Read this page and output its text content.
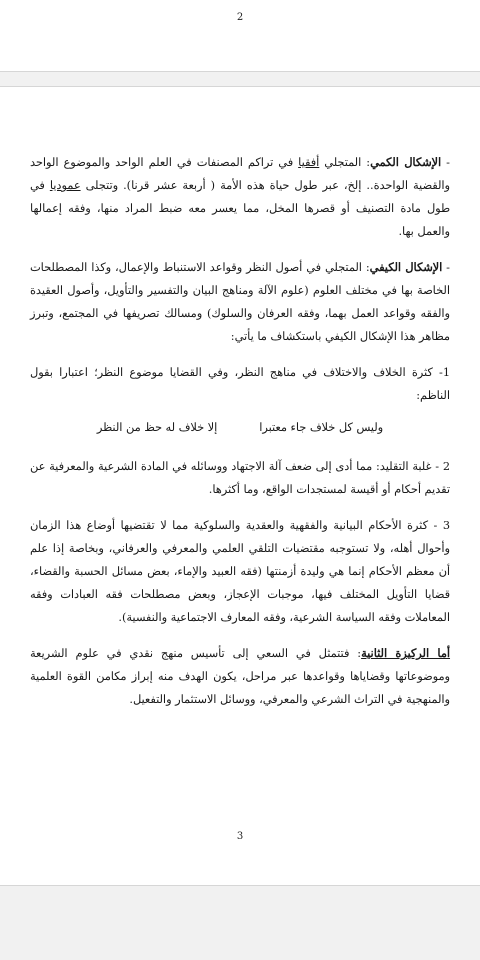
2

- الإشكال الكمي: المتجلي أفقيا في تراكم المصنفات في العلم الواحد والموضوع الواحد والقضية الواحدة.. إلخ، عبر طول حياة هذه الأمة ( أربعة عشر قرنا). وتتجلى عموديا في طول مادة التصنيف أو قصرها المخل، مما يعسر معه ضبط المراد منها، وفقه إعمالها والعمل بها.

- الإشكال الكيفي: المتجلي في أصول النظر وقواعد الاستنباط والإعمال، وكذا المصطلحات الخاصة بها في مختلف العلوم (علوم الآلة ومناهج البيان والتفسير والتأويل، وأصول العقيدة والفقه وقواعد العمل بهما، وفقه العرفان والسلوك) ومسالك تصريفها في المجتمع، وتبرز مظاهر هذا الإشكال الكيفي باستكشاف ما يأتي:

1- كثرة الخلاف والاختلاف في مناهج النظر، وفي القضايا موضوع النظر؛ اعتبارا بقول الناظم:

وليس كل خلاف جاء معتبرا
إلا خلاف له حظ من النظر

2 - غلبة التقليد: مما أدى إلى ضعف آلة الاجتهاد ووسائله في المادة الشرعية والمعرفية عن تقديم أحكام أو أقيسة لمستجدات الواقع، وما أكثرها.

3 - كثرة الأحكام البيانية والفقهية والعقدية والسلوكية مما لا تقتضيها أوضاع هذا الزمان وأحوال أهله، ولا تستوجبه مقتضيات التلقي العلمي والمعرفي والعرفاني، وبخاصة إذا علم أن معظم الأحكام إنما هي وليدة أزمنتها (فقه العبيد والإماء، بعض مسائل الحسبة والقضاء، قضايا التأويل المختلف فيها، موجبات الإعجاز، وبعض مصطلحات فقه العبادات وفقه المعاملات وفقه السياسة الشرعية، وفقه المعارف الاجتماعية والنفسية).

أما الركيزة الثانية: فتتمثل في السعي إلى تأسيس منهج نقدي في علوم الشريعة وموضوعاتها وقضاياها وقواعدها عبر مراحل، يكون الهدف منه إبراز مكامن القوة العلمية والمنهجية في التراث الشرعي والمعرفي، ووسائل الاستثمار والتفعيل.

3
